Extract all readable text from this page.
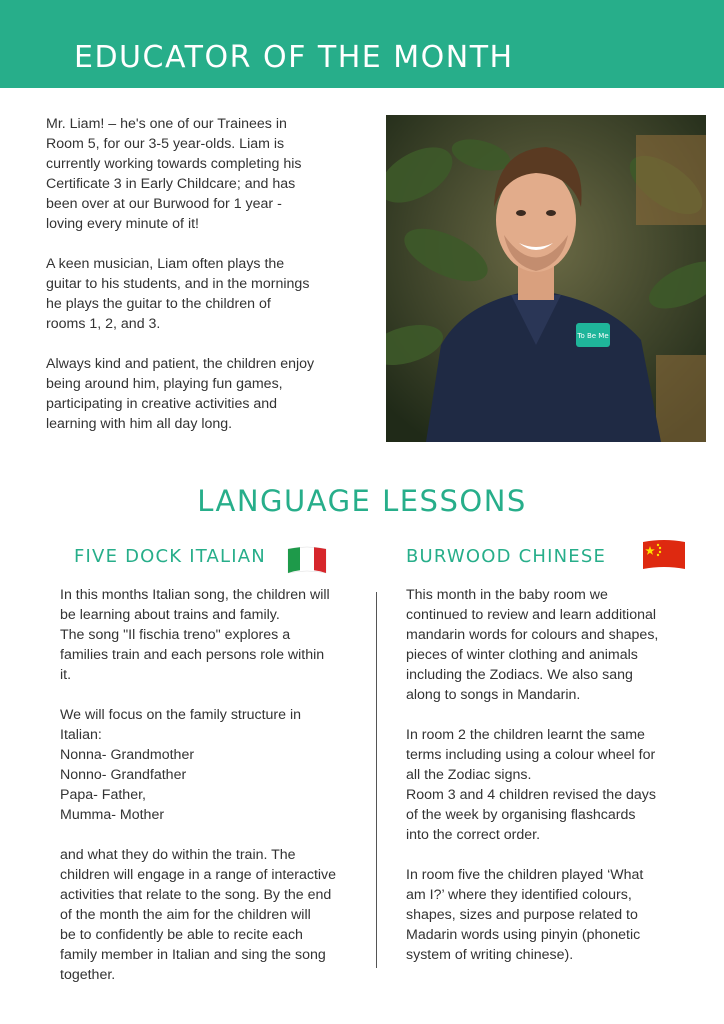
EDUCATOR OF THE MONTH

Mr. Liam! – he's one of our Trainees in
Room 5, for our 3-5 year-olds. Liam is
currently working towards completing his
Certificate 3 in Early Childcare; and has
been over at our Burwood for 1 year -
loving every minute of it!

A keen musician, Liam often plays the
guitar to his students, and in the mornings
he plays the guitar to the children of
rooms 1, 2, and 3.

Always kind and patient, the children enjoy
being around him, playing fun games,
participating in creative activities and
learning with him all day long.

To Be Me
LANGUAGE LESSONS
FIVE DOCK ITALIAN	BURWOOD CHINESE

In this months Italian song, the children will
be learning about trains and family.
The song "Il fischia treno" explores a
families train and each persons role within
it.

We will focus on the family structure in
Italian:
Nonna- Grandmother
Nonno- Grandfather
Papa- Father,
Mumma- Mother

and what they do within the train. The
children will engage in a range of interactive
activities that relate to the song. By the end
of the month the aim for the children will
be to confidently be able to recite each
family member in Italian and sing the song
together.

This month in the baby room we
continued to review and learn additional
mandarin words for colours and shapes,
pieces of winter clothing and animals
including the Zodiacs. We also sang
along to songs in Mandarin.

In room 2 the children learnt the same
terms including using a colour wheel for
all the Zodiac signs.
Room 3 and 4 children revised the days
of the week by organising flashcards
into the correct order.

In room five the children played ‘What
am I?’ where they identified colours,
shapes, sizes and purpose related to
Madarin words using pinyin (phonetic
system of writing chinese).
